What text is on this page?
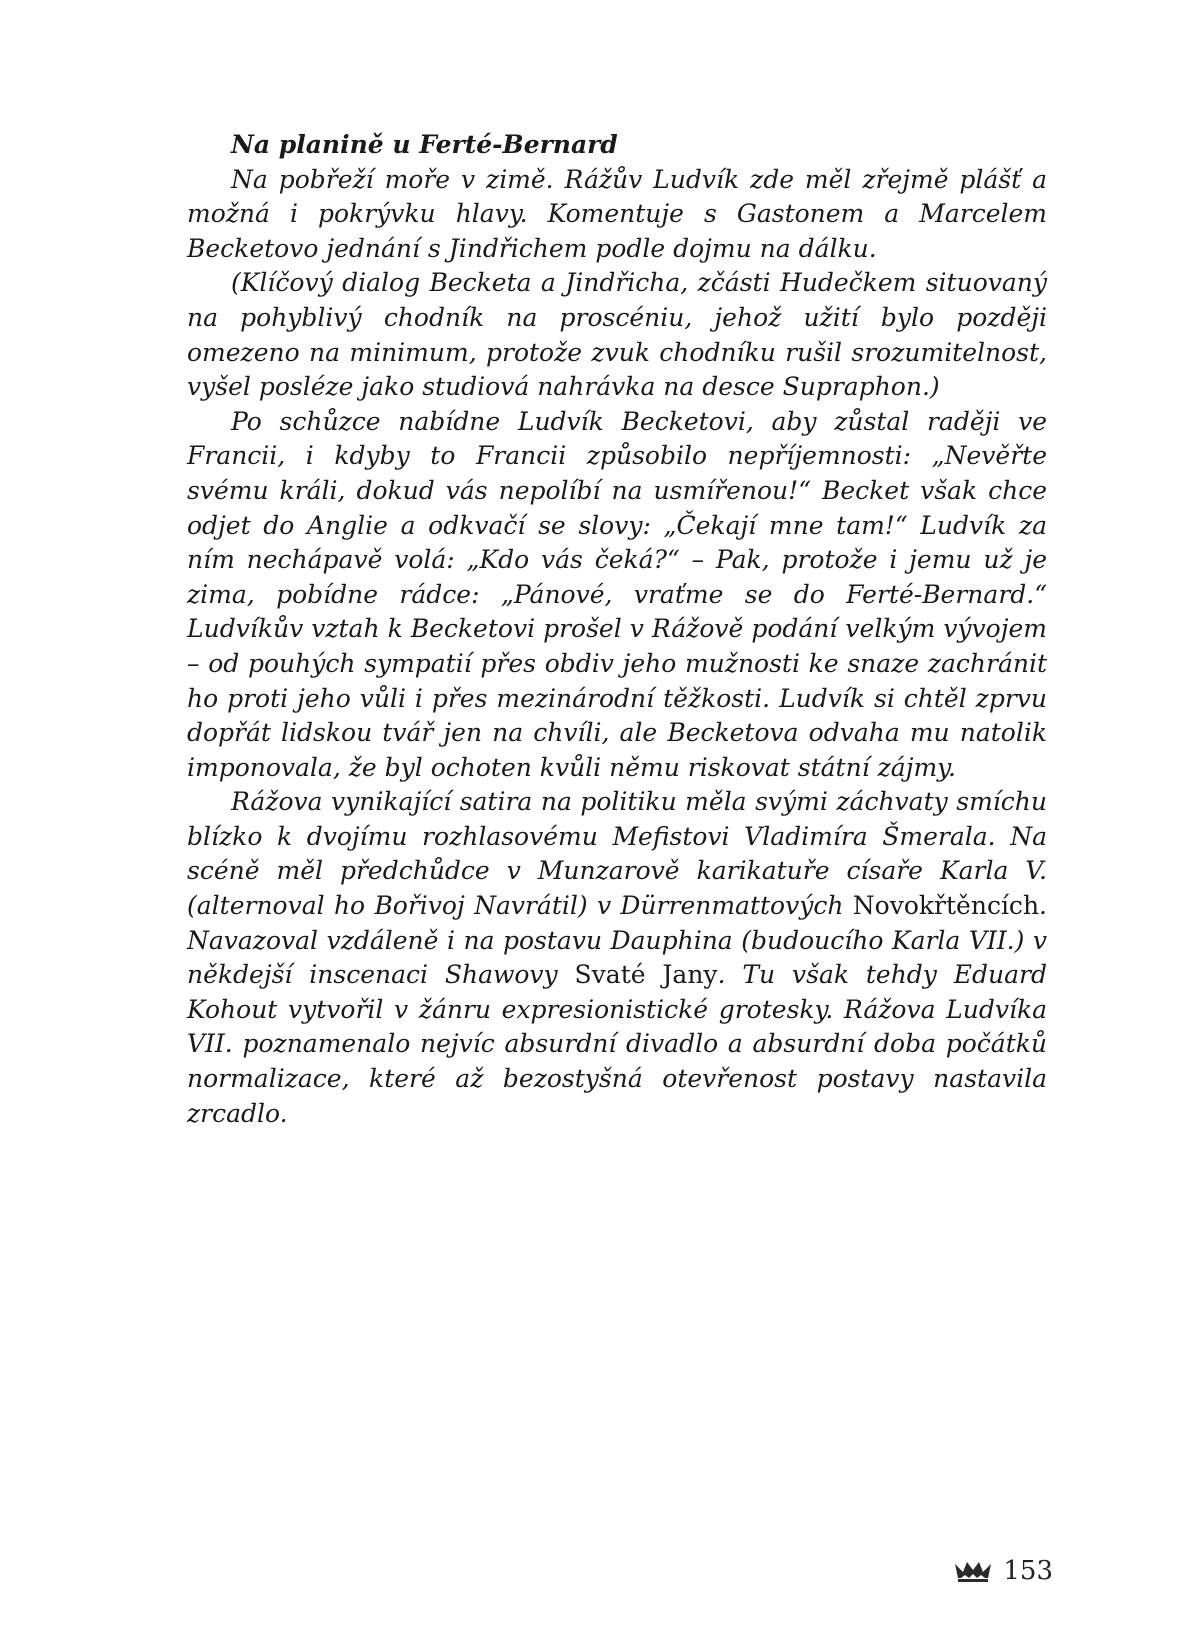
Na planině u Ferté-Bernard

Na pobřeží moře v zimě. Rážův Ludvík zde měl zřejmě plášť a možná i pokrývku hlavy. Komentuje s Gastonem a Marcelem Becketovo jednání s Jindřichem podle dojmu na dálku.

(Klíčový dialog Becketa a Jindřicha, zčásti Hudečkem situovaný na pohyblivý chodník na proscéniu, jehož užití bylo později omezeno na minimum, protože zvuk chodníku rušil srozumitelnost, vyšel posléze jako studiová nahrávka na desce Supraphon.)

Po schůzce nabídne Ludvík Becketovi, aby zůstal raději ve Francii, i kdyby to Francii způsobilo nepříjemnosti: „Nevěřte svému králi, dokud vás nepolíbí na usmířenou!“ Becket však chce odjet do Anglie a odkvačí se slovy: „Čekají mne tam!“ Ludvík za ním nechápavě volá: „Kdo vás čeká?“ – Pak, protože i jemu už je zima, pobídne rádce: „Pánové, vraťme se do Ferté-Bernard.“ Ludvíkův vztah k Becketovi prošel v Rážově podání velkým vývojem – od pouhých sympatií přes obdiv jeho mužnosti ke snaze zachránit ho proti jeho vůli i přes mezinárodní těžkosti. Ludvík si chtěl zprvu dopřát lidskou tvář jen na chvíli, ale Becketova odvaha mu natolik imponovala, že byl ochoten kvůli němu riskovat státní zájmy.

Rážova vynikající satira na politiku měla svými záchvaty smíchu blízko k dvojímu rozhlasovému Mefistovi Vladimíra Šmerala. Na scéně měl předchůdce v Munzarově karikatuře císaře Karla V. (alternoval ho Bořivoj Navrátil) v Dürrenmattových Novokřtěncích. Navazoval vzdáleně i na postavu Dauphina (budoucího Karla VII.) v někdejší inscenaci Shawovy Svaté Jany. Tu však tehdy Eduard Kohout vytvořil v žánru expresionistické grotesky. Rážova Ludvíka VII. poznamenalo nejvíc absurdní divadlo a absurdní doba počátků normalizace, které až bezostyšná otevřenost postavy nastavila zrcadlo.

153
